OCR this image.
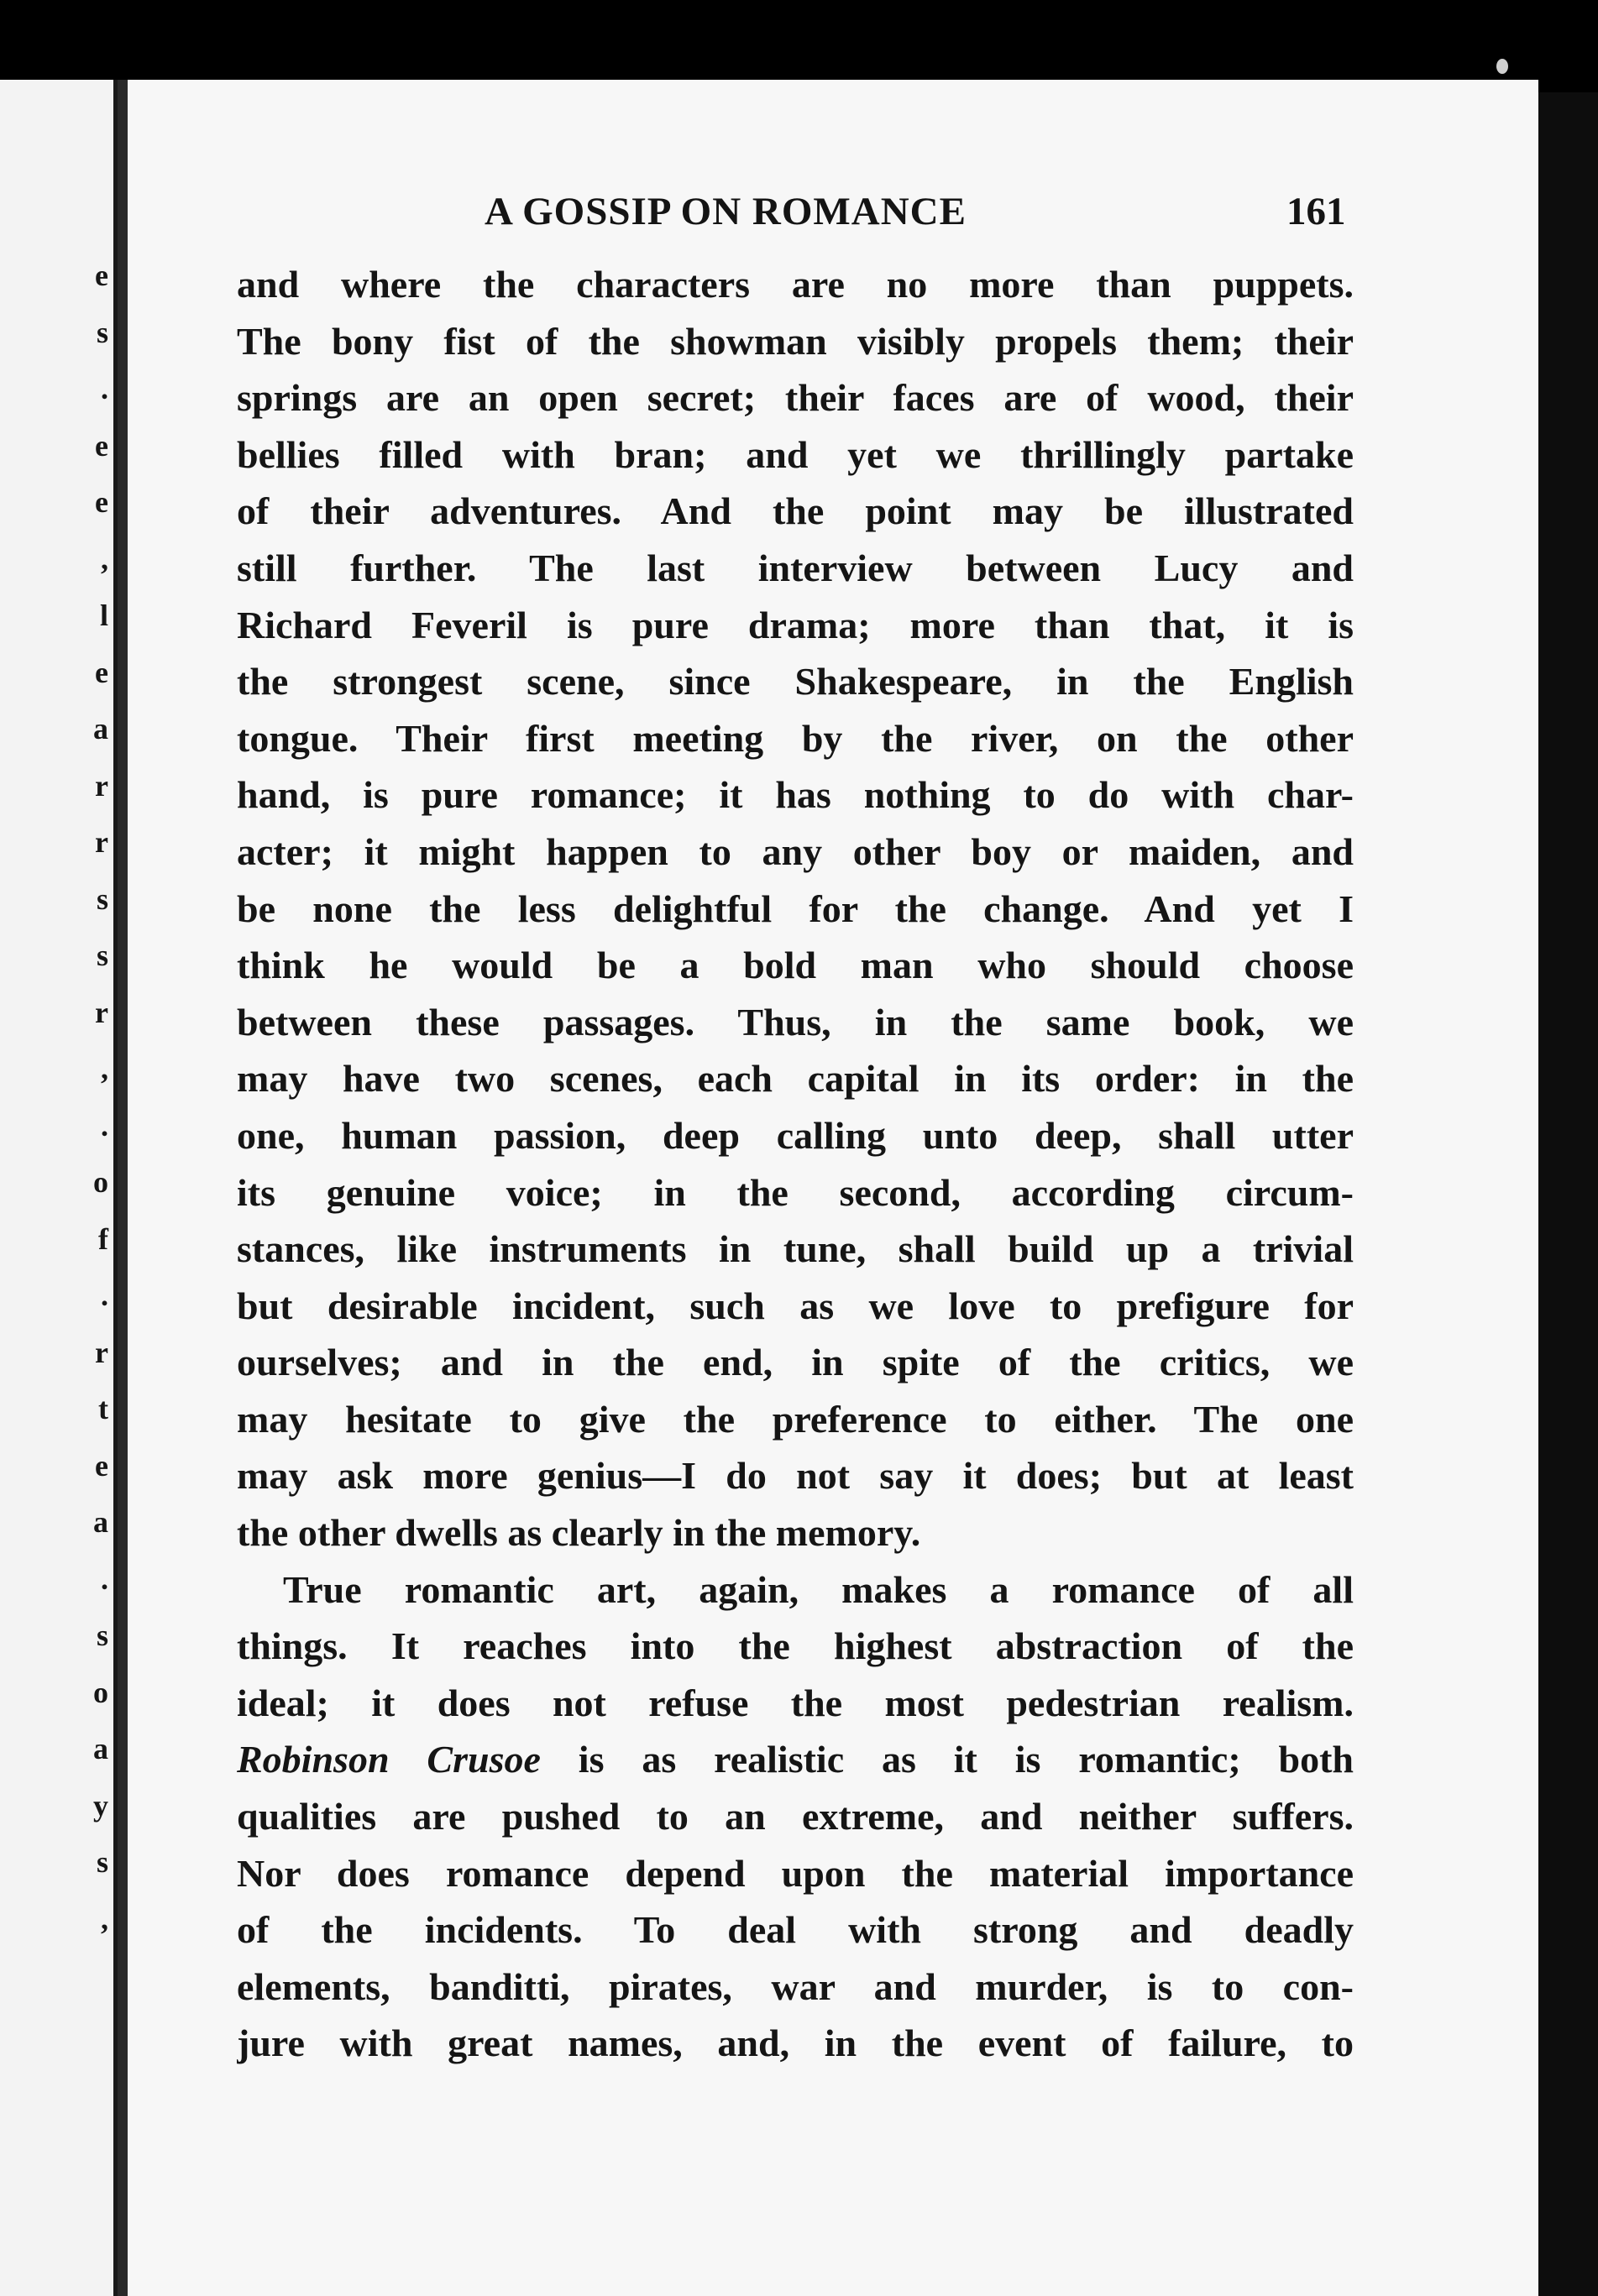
e
s
.
e
e
,
l
e
a
r
r
s
s
r
,
.
o
f
.
r
t
e
a
.
s
o
a
y
s
,
A GOSSIP ON ROMANCE	161
and where the characters are no more than puppets.
The bony fist of the showman visibly propels them; their
springs are an open secret; their faces are of wood, their
bellies filled with bran; and yet we thrillingly partake
of their adventures. And the point may be illustrated
still further. The last interview between Lucy and
Richard Feveril is pure drama; more than that, it is
the strongest scene, since Shakespeare, in the English
tongue. Their first meeting by the river, on the other
hand, is pure romance; it has nothing to do with char-
acter; it might happen to any other boy or maiden, and
be none the less delightful for the change. And yet I
think he would be a bold man who should choose
between these passages. Thus, in the same book, we
may have two scenes, each capital in its order: in the
one, human passion, deep calling unto deep, shall utter
its genuine voice; in the second, according circum-
stances, like instruments in tune, shall build up a trivial
but desirable incident, such as we love to prefigure for
ourselves; and in the end, in spite of the critics, we
may hesitate to give the preference to either. The one
may ask more genius—I do not say it does; but at least
the other dwells as clearly in the memory.
True romantic art, again, makes a romance of all
things. It reaches into the highest abstraction of the
ideal; it does not refuse the most pedestrian realism.
Robinson Crusoe is as realistic as it is romantic; both
qualities are pushed to an extreme, and neither suffers.
Nor does romance depend upon the material importance
of the incidents. To deal with strong and deadly
elements, banditti, pirates, war and murder, is to con-
jure with great names, and, in the event of failure, to
